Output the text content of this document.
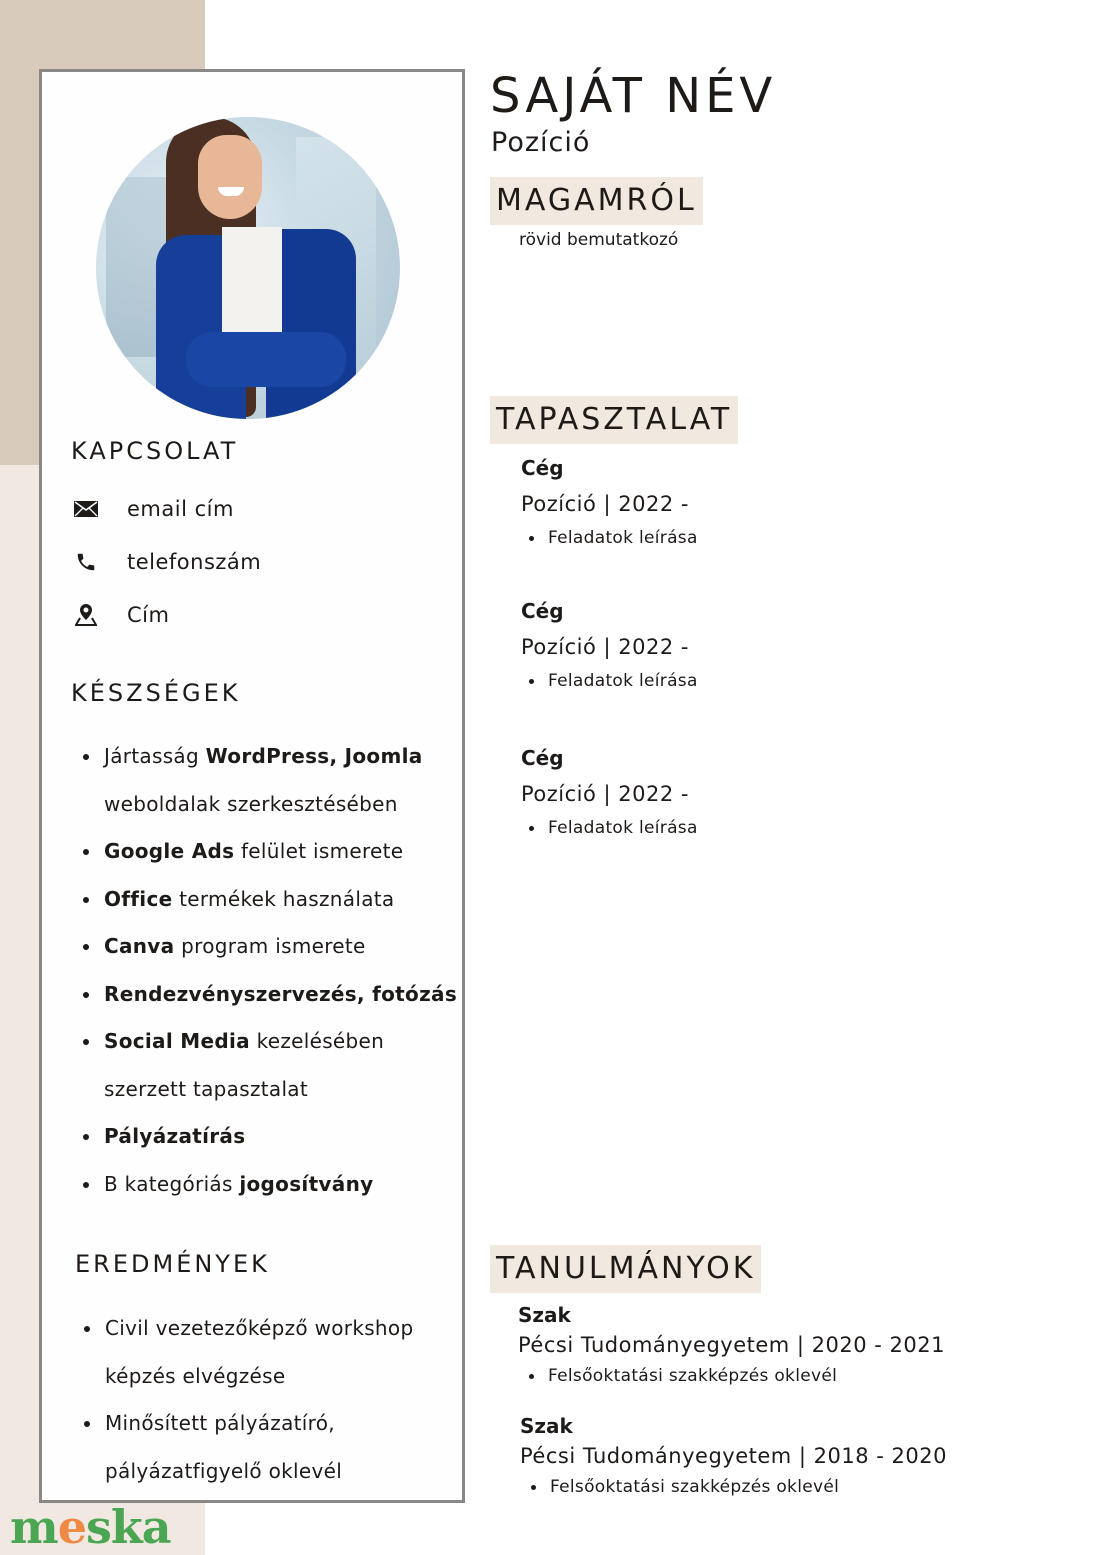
KAPCSOLAT
email cím
telefonszám
Cím
KÉSZSÉGEK
Jártasság WordPress, Joomla
weboldalak szerkesztésében
Google Ads felület ismerete
Office termékek használata
Canva program ismerete
Rendezvényszervezés, fotózás
Social Media kezelésében
szerzett tapasztalat
Pályázatírás
B kategóriás jogosítvány
EREDMÉNYEK
Civil vezetezőképző workshop
képzés elvégzése
Minősített pályázatíró,
pályázatfigyelő oklevél
SAJÁT NÉV
Pozíció
MAGAMRÓL
rövid bemutatkozó
TAPASZTALAT
Cég
Pozíció | 2022 -
Feladatok leírása
Cég
Pozíció | 2022 -
Feladatok leírása
Cég
Pozíció | 2022 -
Feladatok leírása
TANULMÁNYOK
Szak
Pécsi Tudományegyetem | 2020 - 2021
Felsőoktatási szakképzés oklevél
Szak
Pécsi Tudományegyetem | 2018 - 2020
Felsőoktatási szakképzés oklevél
meska
